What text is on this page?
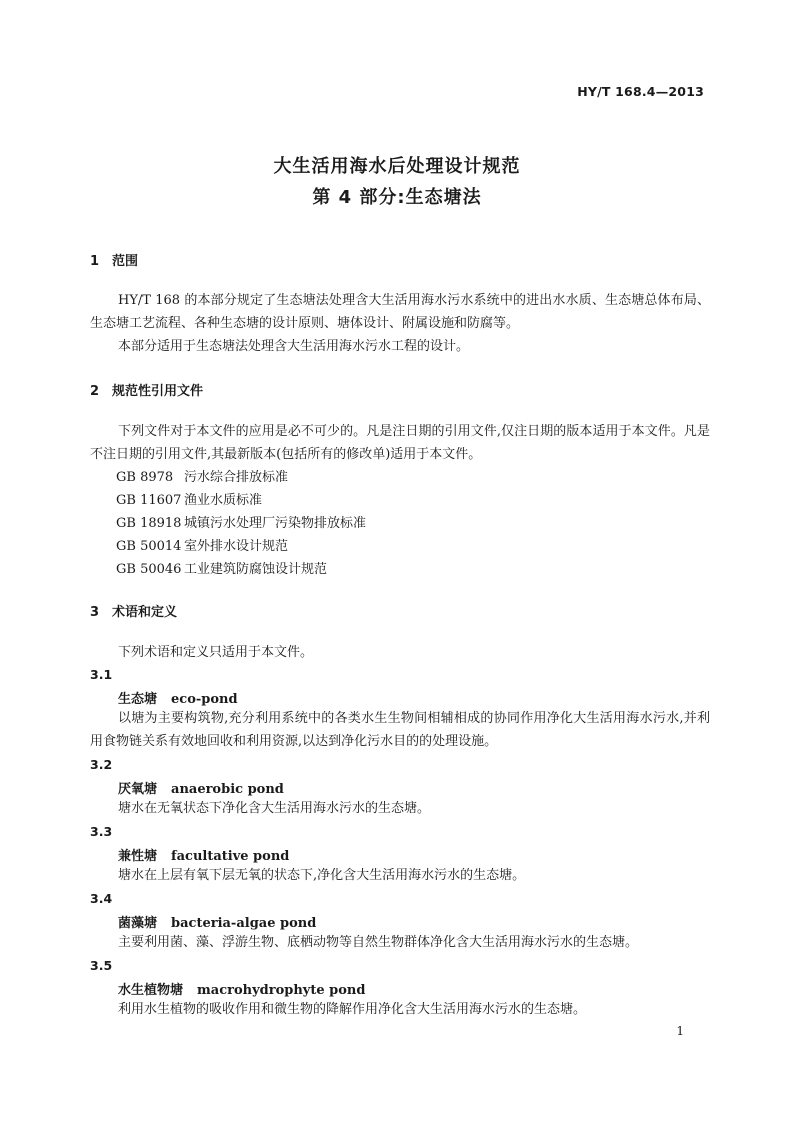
HY/T 168.4—2013
大生活用海水后处理设计规范
第 4 部分:生态塘法
1 范围
HY/T 168 的本部分规定了生态塘法处理含大生活用海水污水系统中的进出水水质、生态塘总体布局、生态塘工艺流程、各种生态塘的设计原则、塘体设计、附属设施和防腐等。
本部分适用于生态塘法处理含大生活用海水污水工程的设计。
2 规范性引用文件
下列文件对于本文件的应用是必不可少的。凡是注日期的引用文件,仅注日期的版本适用于本文件。凡是不注日期的引用文件,其最新版本(包括所有的修改单)适用于本文件。
GB 8978 污水综合排放标准
GB 11607 渔业水质标准
GB 18918 城镇污水处理厂污染物排放标准
GB 50014 室外排水设计规范
GB 50046 工业建筑防腐蚀设计规范
3 术语和定义
下列术语和定义只适用于本文件。
3.1
生态塘 eco-pond
以塘为主要构筑物,充分利用系统中的各类水生生物间相辅相成的协同作用净化大生活用海水污水,并利用食物链关系有效地回收和利用资源,以达到净化污水目的的处理设施。
3.2
厌氧塘 anaerobic pond
塘水在无氧状态下净化含大生活用海水污水的生态塘。
3.3
兼性塘 facultative pond
塘水在上层有氧下层无氧的状态下,净化含大生活用海水污水的生态塘。
3.4
菌藻塘 bacteria-algae pond
主要利用菌、藻、浮游生物、底栖动物等自然生物群体净化含大生活用海水污水的生态塘。
3.5
水生植物塘 macrohydrophyte pond
利用水生植物的吸收作用和微生物的降解作用净化含大生活用海水污水的生态塘。
1
